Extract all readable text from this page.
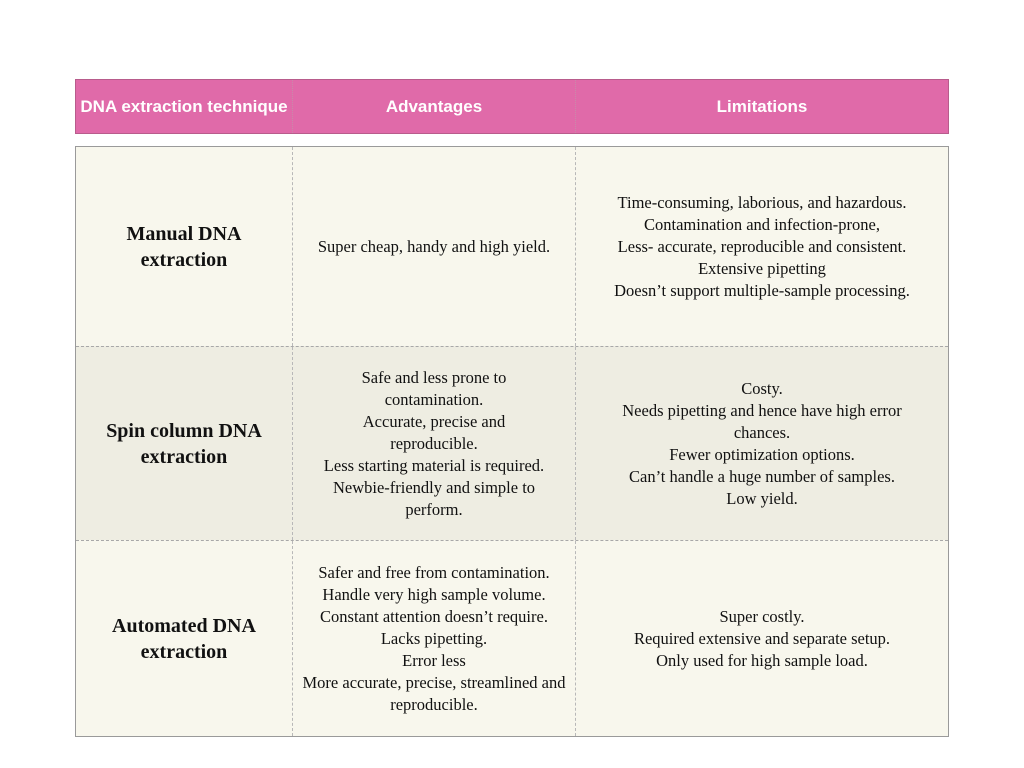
DNA extraction technique	Advantages	Limitations
Manual DNA extraction
Super cheap, handy and high yield.
Time-consuming, laborious, and hazardous.
Contamination and infection-prone,
Less- accurate, reproducible and consistent.
Extensive pipetting
Doesn’t support multiple-sample processing.
Spin column DNA extraction
Safe and less prone to contamination.
Accurate, precise and reproducible.
Less starting material is required.
Newbie-friendly and simple to perform.
Costy.
Needs pipetting and hence have high error chances.
Fewer optimization options.
Can’t handle a huge number of samples.
Low yield.
Automated DNA extraction
Safer and free from contamination.
Handle very high sample volume.
Constant attention doesn’t require.
Lacks pipetting.
Error less
More accurate, precise, streamlined and reproducible.
Super costly.
Required extensive and separate setup.
Only used for high sample load.
